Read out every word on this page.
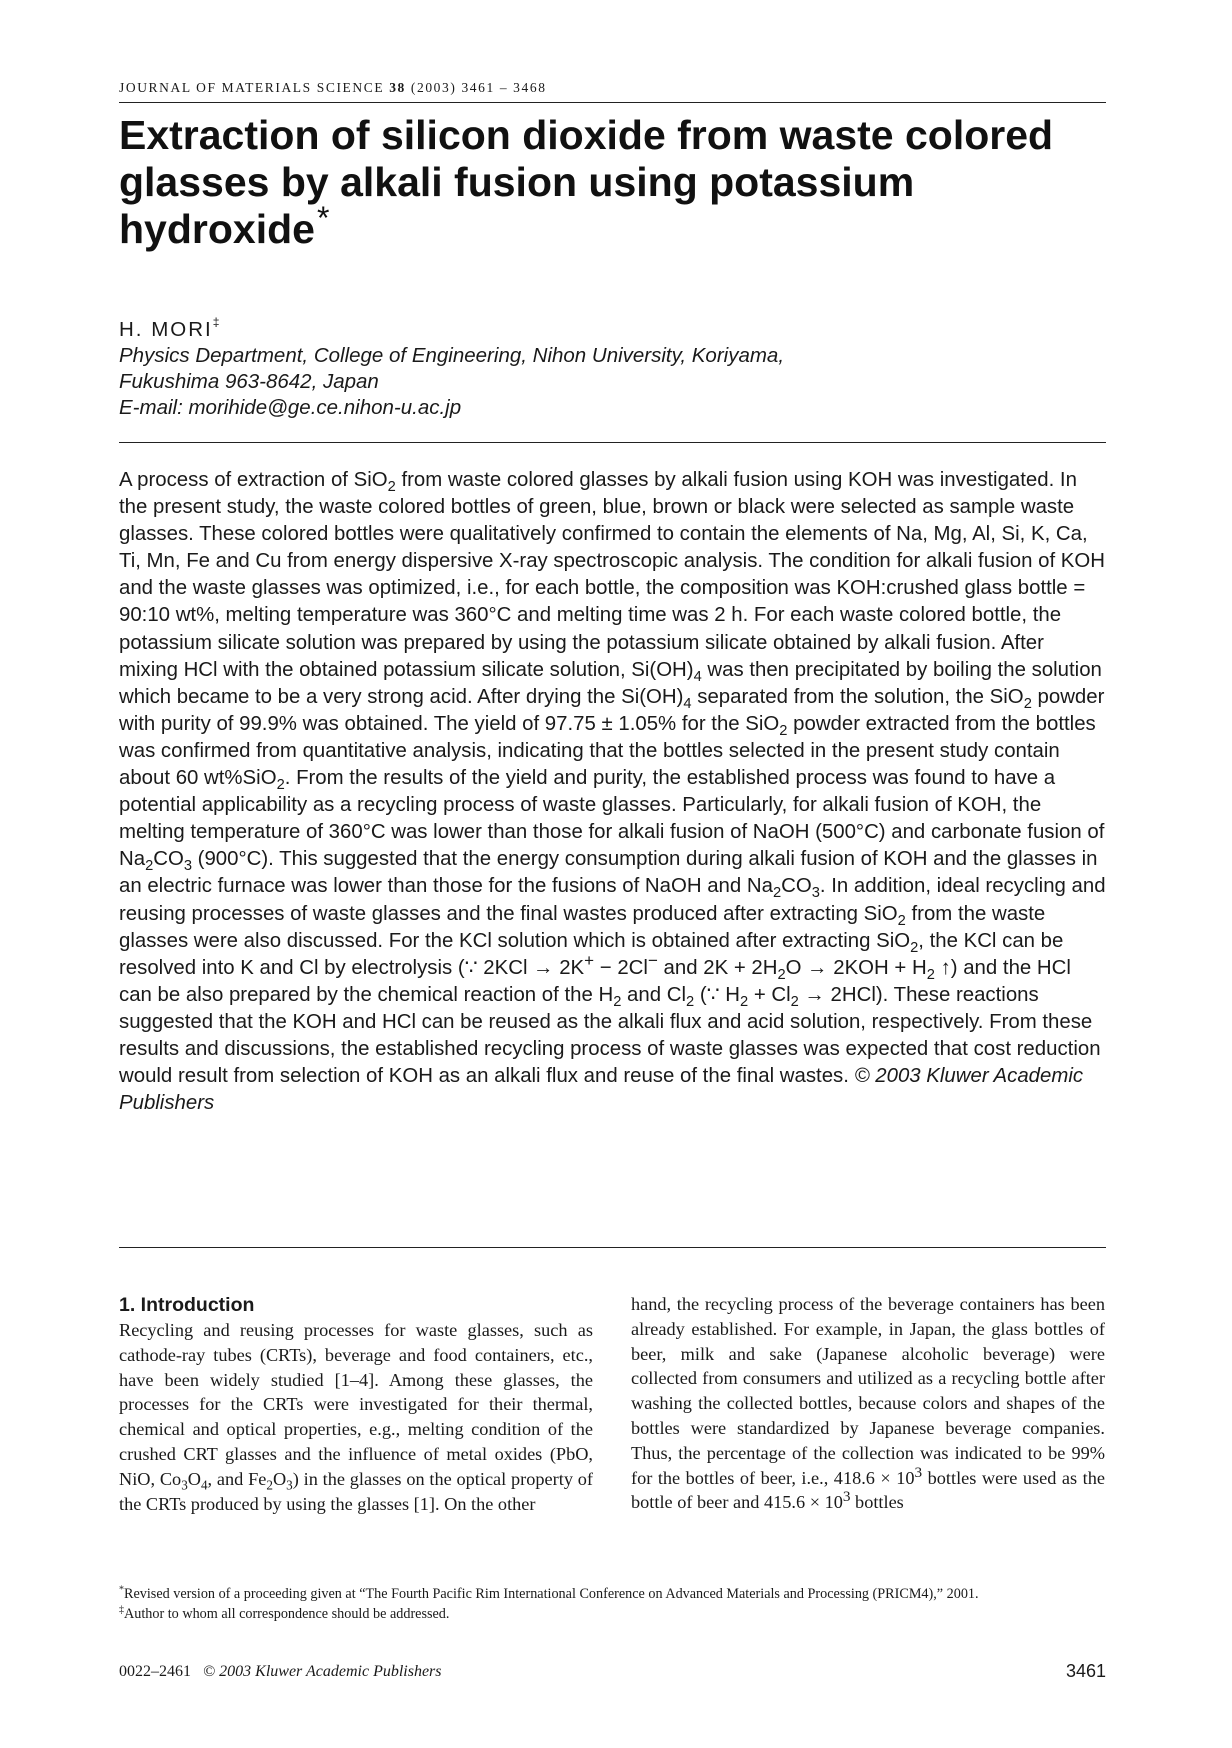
JOURNAL OF MATERIALS SCIENCE 38 (2003) 3461 – 3468
Extraction of silicon dioxide from waste colored glasses by alkali fusion using potassium hydroxide*
H. MORI‡
Physics Department, College of Engineering, Nihon University, Koriyama,
Fukushima 963-8642, Japan
E-mail: morihide@ge.ce.nihon-u.ac.jp
A process of extraction of SiO$_2$ from waste colored glasses by alkali fusion using KOH was investigated. In the present study, the waste colored bottles of green, blue, brown or black were selected as sample waste glasses. These colored bottles were qualitatively confirmed to contain the elements of Na, Mg, Al, Si, K, Ca, Ti, Mn, Fe and Cu from energy dispersive X-ray spectroscopic analysis. The condition for alkali fusion of KOH and the waste glasses was optimized, i.e., for each bottle, the composition was KOH:crushed glass bottle = 90:10 wt%, melting temperature was 360°C and melting time was 2 h. For each waste colored bottle, the potassium silicate solution was prepared by using the potassium silicate obtained by alkali fusion. After mixing HCl with the obtained potassium silicate solution, $Si(OH)_4$ was then precipitated by boiling the solution which became to be a very strong acid. After drying the $Si(OH)_4$ separated from the solution, the SiO$_2$ powder with purity of 99.9% was obtained. The yield of 97.75 ± 1.05% for the SiO$_2$ powder extracted from the bottles was confirmed from quantitative analysis, indicating that the bottles selected in the present study contain about 60 wt%SiO$_2$. From the results of the yield and purity, the established process was found to have a potential applicability as a recycling process of waste glasses. Particularly, for alkali fusion of KOH, the melting temperature of 360°C was lower than those for alkali fusion of NaOH (500°C) and carbonate fusion of $Na_2CO_3$ (900°C). This suggested that the energy consumption during alkali fusion of KOH and the glasses in an electric furnace was lower than those for the fusions of NaOH and $Na_2CO_3$. In addition, ideal recycling and reusing processes of waste glasses and the final wastes produced after extracting SiO$_2$ from the waste glasses were also discussed. For the KCl solution which is obtained after extracting SiO$_2$, the KCl can be resolved into K and Cl by electrolysis (∵ 2KCl → 2K+ − 2Cl− and $2K + 2H_2O \to 2KOH + H_2$ ↑) and the HCl can be also prepared by the chemical reaction of the $H_2$ and $Cl_2$ (∵ $H_2 + Cl_2 \to 2HCl$). These reactions suggested that the KOH and HCl can be reused as the alkali flux and acid solution, respectively. From these results and discussions, the established recycling process of waste glasses was expected that cost reduction would result from selection of KOH as an alkali flux and reuse of the final wastes. © 2003 Kluwer Academic Publishers
1. Introduction
Recycling and reusing processes for waste glasses, such as cathode-ray tubes (CRTs), beverage and food containers, etc., have been widely studied [1–4]. Among these glasses, the processes for the CRTs were investigated for their thermal, chemical and optical properties, e.g., melting condition of the crushed CRT glasses and the influence of metal oxides (PbO, NiO, $Co_3O_4$, and $Fe_2O_3$) in the glasses on the optical property of the CRTs produced by using the glasses [1]. On the other
hand, the recycling process of the beverage containers has been already established. For example, in Japan, the glass bottles of beer, milk and sake (Japanese alcoholic beverage) were collected from consumers and utilized as a recycling bottle after washing the collected bottles, because colors and shapes of the bottles were standardized by Japanese beverage companies. Thus, the percentage of the collection was indicated to be 99% for the bottles of beer, i.e., $418.6 \times 10^3$ bottles were used as the bottle of beer and $415.6 \times 10^3$ bottles
*Revised version of a proceeding given at “The Fourth Pacific Rim International Conference on Advanced Materials and Processing (PRICM4),” 2001.
‡Author to whom all correspondence should be addressed.
0022–2461 © 2003 Kluwer Academic Publishers	3461
